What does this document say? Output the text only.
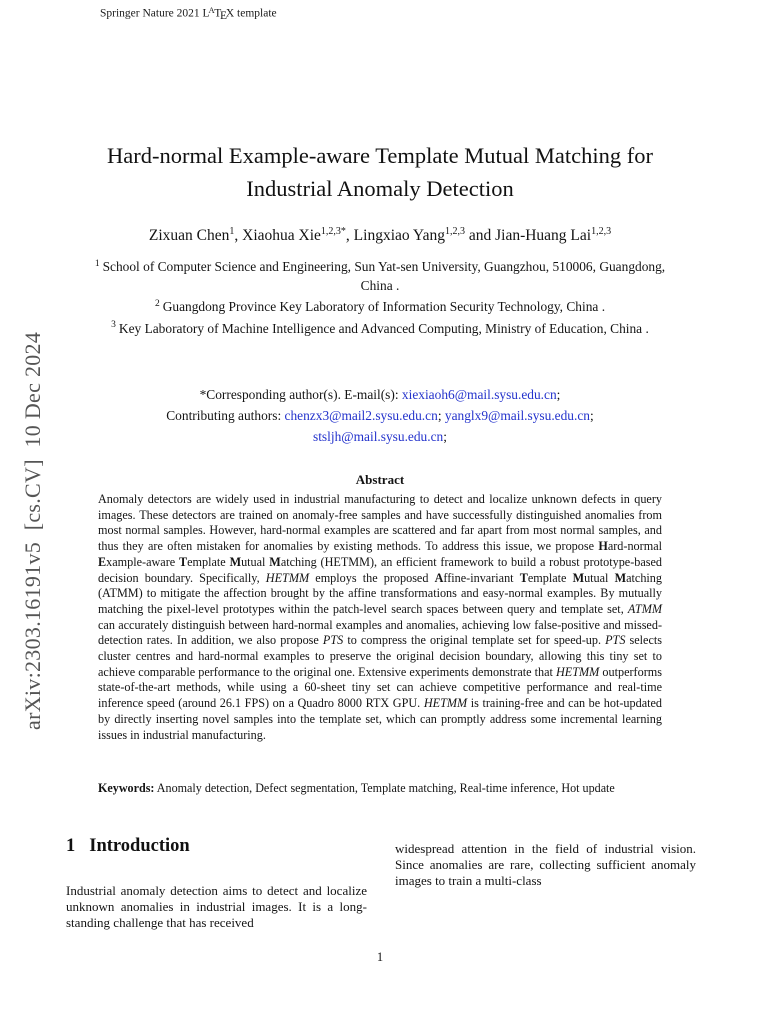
Springer Nature 2021 $L^ATEX$ template
arXiv:2303.16191v5  [cs.CV]  10 Dec 2024
Hard-normal Example-aware Template Mutual Matching for Industrial Anomaly Detection
Zixuan Chen$^1$, Xiaohua Xie$^{1,2,3*}$, Lingxiao Yang$^{1,2,3}$ and Jian-Huang Lai$^{1,2,3}$
$^1$ School of Computer Science and Engineering, Sun Yat-sen University, Guangzhou, 510006, Guangdong, China .
$^2$ Guangdong Province Key Laboratory of Information Security Technology, China .
$^3$ Key Laboratory of Machine Intelligence and Advanced Computing, Ministry of Education, China .
*Corresponding author(s). E-mail(s): xiexiaoh6@mail.sysu.edu.cn;
Contributing authors: chenzx3@mail2.sysu.edu.cn; yanglx9@mail.sysu.edu.cn;
stsljh@mail.sysu.edu.cn;
Abstract

Anomaly detectors are widely used in industrial manufacturing to detect and localize unknown defects in query images. These detectors are trained on anomaly-free samples and have successfully distinguished anomalies from most normal samples. However, hard-normal examples are scattered and far apart from most normal samples, and thus they are often mistaken for anomalies by existing methods. To address this issue, we propose Hard-normal Example-aware Template Mutual Matching (HETMM), an efficient framework to build a robust prototype-based decision boundary. Specifically, HETMM employs the proposed Affine-invariant Template Mutual Matching (ATMM) to mitigate the affection brought by the affine transformations and easy-normal examples. By mutually matching the pixel-level prototypes within the patch-level search spaces between query and template set, ATMM can accurately distinguish between hard-normal examples and anomalies, achieving low false-positive and missed-detection rates. In addition, we also propose PTS to compress the original template set for speed-up. PTS selects cluster centres and hard-normal examples to preserve the original decision boundary, allowing this tiny set to achieve comparable performance to the original one. Extensive experiments demonstrate that HETMM outperforms state-of-the-art methods, while using a 60-sheet tiny set can achieve competitive performance and real-time inference speed (around 26.1 FPS) on a Quadro 8000 RTX GPU. HETMM is training-free and can be hot-updated by directly inserting novel samples into the template set, which can promptly address some incremental learning issues in industrial manufacturing.

Keywords: Anomaly detection, Defect segmentation, Template matching, Real-time inference, Hot update

1 Introduction

Industrial anomaly detection aims to detect and localize unknown anomalies in industrial images. It is a long-standing challenge that has received

widespread attention in the field of industrial vision. Since anomalies are rare, collecting sufficient anomaly images to train a multi-class

1
